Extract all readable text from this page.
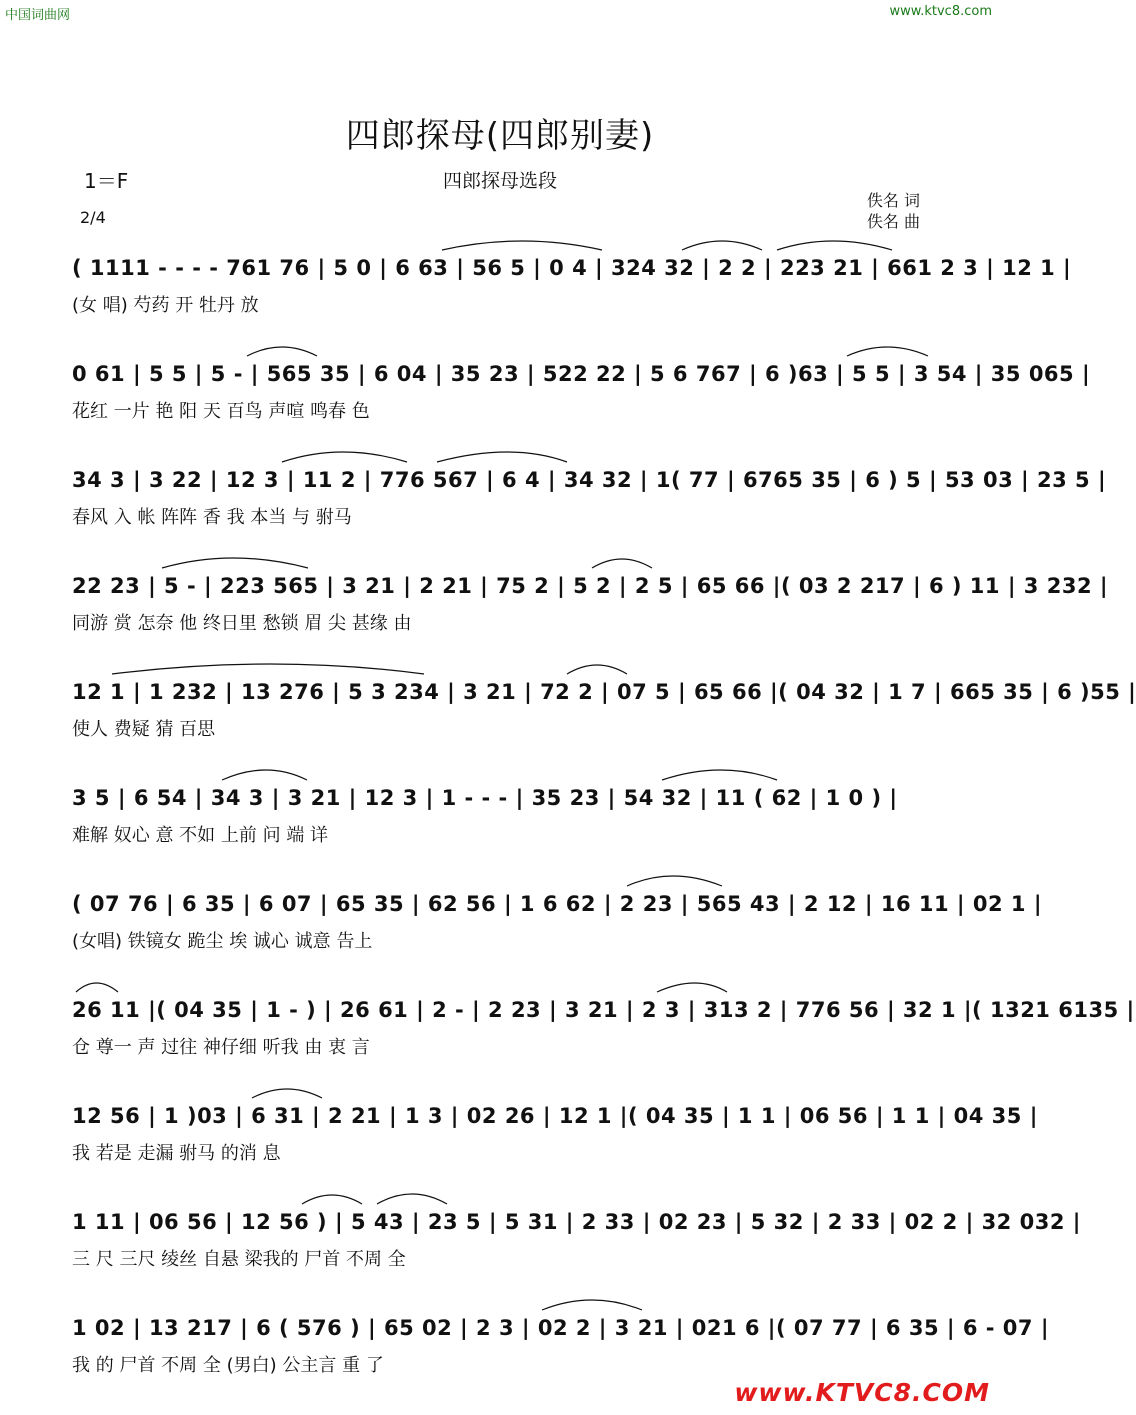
中国词曲网	www.ktvc8.com
四郎探母(四郎别妻)
1＝F	四郎探母选段
佚名 词
佚名 曲
2/4
( 1111 - - - - 761 76 | 5 0 | 6 63 | 56 5 | 0 4 | 324 32 | 2 2 | 223 21 | 661 2 3 | 12 1 |
(女 唱) 芍药 开 牡丹 放
0 61 | 5 5 | 5 - | 565 35 | 6 04 | 35 23 | 522 22 | 5 6 767 | 6 )63 | 5 5 | 3 54 | 35 065 |
花红 一片 艳 阳 天 百鸟 声喧 鸣春 色
34 3 | 3 22 | 12 3 | 11 2 | 776 567 | 6 4 | 34 32 | 1( 77 | 6765 35 | 6 ) 5 | 53 03 | 23 5 |
春风 入 帐 阵阵 香 我 本当 与 驸马
22 23 | 5 - | 223 565 | 3 21 | 2 21 | 75 2 | 5 2 | 2 5 | 65 66 |( 03 2 217 | 6 ) 11 | 3 232 |
同游 赏 怎奈 他 终日里 愁锁 眉 尖 甚缘 由
12 1 | 1 232 | 13 276 | 5 3 234 | 3 21 | 72 2 | 07 5 | 65 66 |( 04 32 | 1 7 | 665 35 | 6 )55 |
使人 费疑 猜 百思
3 5 | 6 54 | 34 3 | 3 21 | 12 3 | 1 - - - | 35 23 | 54 32 | 11 ( 62 | 1 0 ) |
难解 奴心 意 不如 上前 问 端 详
( 07 76 | 6 35 | 6 07 | 65 35 | 62 56 | 1 6 62 | 2 23 | 565 43 | 2 12 | 16 11 | 02 1 |
(女唱) 铁镜女 跪尘 埃 诚心 诚意 告上
26 11 |( 04 35 | 1 - ) | 26 61 | 2 - | 2 23 | 3 21 | 2 3 | 313 2 | 776 56 | 32 1 |( 1321 6135 |
仓 尊一 声 过往 神仔细 听我 由 衷 言
12 56 | 1 )03 | 6 31 | 2 21 | 1 3 | 02 26 | 12 1 |( 04 35 | 1 1 | 06 56 | 1 1 | 04 35 |
我 若是 走漏 驸马 的消 息
1 11 | 06 56 | 12 56 ) | 5 43 | 23 5 | 5 31 | 2 33 | 02 23 | 5 32 | 2 33 | 02 2 | 32 032 |
三 尺 三尺 绫丝 自悬 梁我的 尸首 不周 全
1 02 | 13 217 | 6 ( 576 ) | 65 02 | 2 3 | 02 2 | 3 21 | 021 6 |( 07 77 | 6 35 | 6 - 07 |
我 的 尸首 不周 全 (男白) 公主言 重 了
www.KTVC8.COM
